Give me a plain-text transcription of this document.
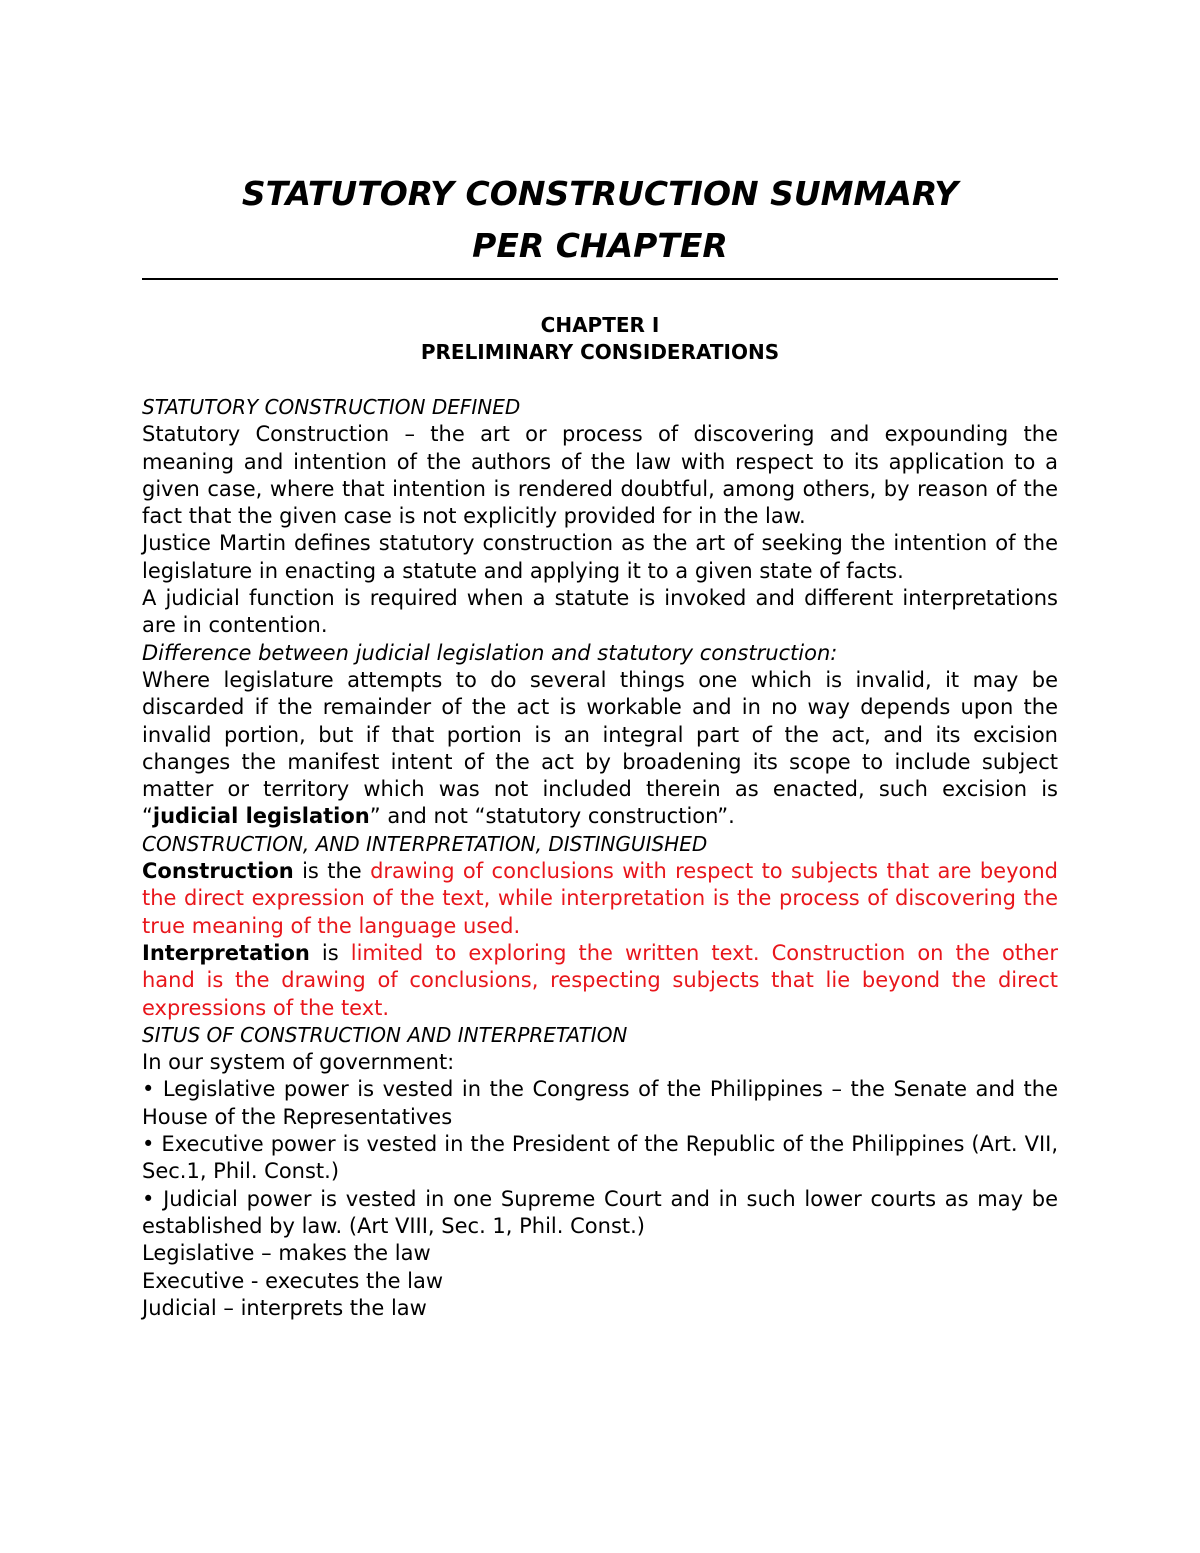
STATUTORY CONSTRUCTION SUMMARY
PER CHAPTER
CHAPTER I
PRELIMINARY CONSIDERATIONS

STATUTORY CONSTRUCTION DEFINED

Statutory Construction – the art or process of discovering and expounding the meaning and intention of the authors of the law with respect to its application to a given case, where that intention is rendered doubtful, among others, by reason of the fact that the given case is not explicitly provided for in the law.

Justice Martin defines statutory construction as the art of seeking the intention of the legislature in enacting a statute and applying it to a given state of facts.

A judicial function is required when a statute is invoked and different interpretations are in contention.

Difference between judicial legislation and statutory construction:

Where legislature attempts to do several things one which is invalid, it may be discarded if the remainder of the act is workable and in no way depends upon the invalid portion, but if that portion is an integral part of the act, and its excision changes the manifest intent of the act by broadening its scope to include subject matter or territory which was not included therein as enacted, such excision is “judicial legislation” and not “statutory construction”.

CONSTRUCTION, AND INTERPRETATION, DISTINGUISHED

Construction is the drawing of conclusions with respect to subjects that are beyond the direct expression of the text, while interpretation is the process of discovering the true meaning of the language used.

Interpretation is limited to exploring the written text. Construction on the other hand is the drawing of conclusions, respecting subjects that lie beyond the direct expressions of the text.

SITUS OF CONSTRUCTION AND INTERPRETATION

In our system of government:

• Legislative power is vested in the Congress of the Philippines – the Senate and the House of the Representatives

• Executive power is vested in the President of the Republic of the Philippines (Art. VII, Sec.1, Phil. Const.)

• Judicial power is vested in one Supreme Court and in such lower courts as may be established by law. (Art VIII, Sec. 1, Phil. Const.)

Legislative – makes the law

Executive - executes the law

Judicial – interprets the law
